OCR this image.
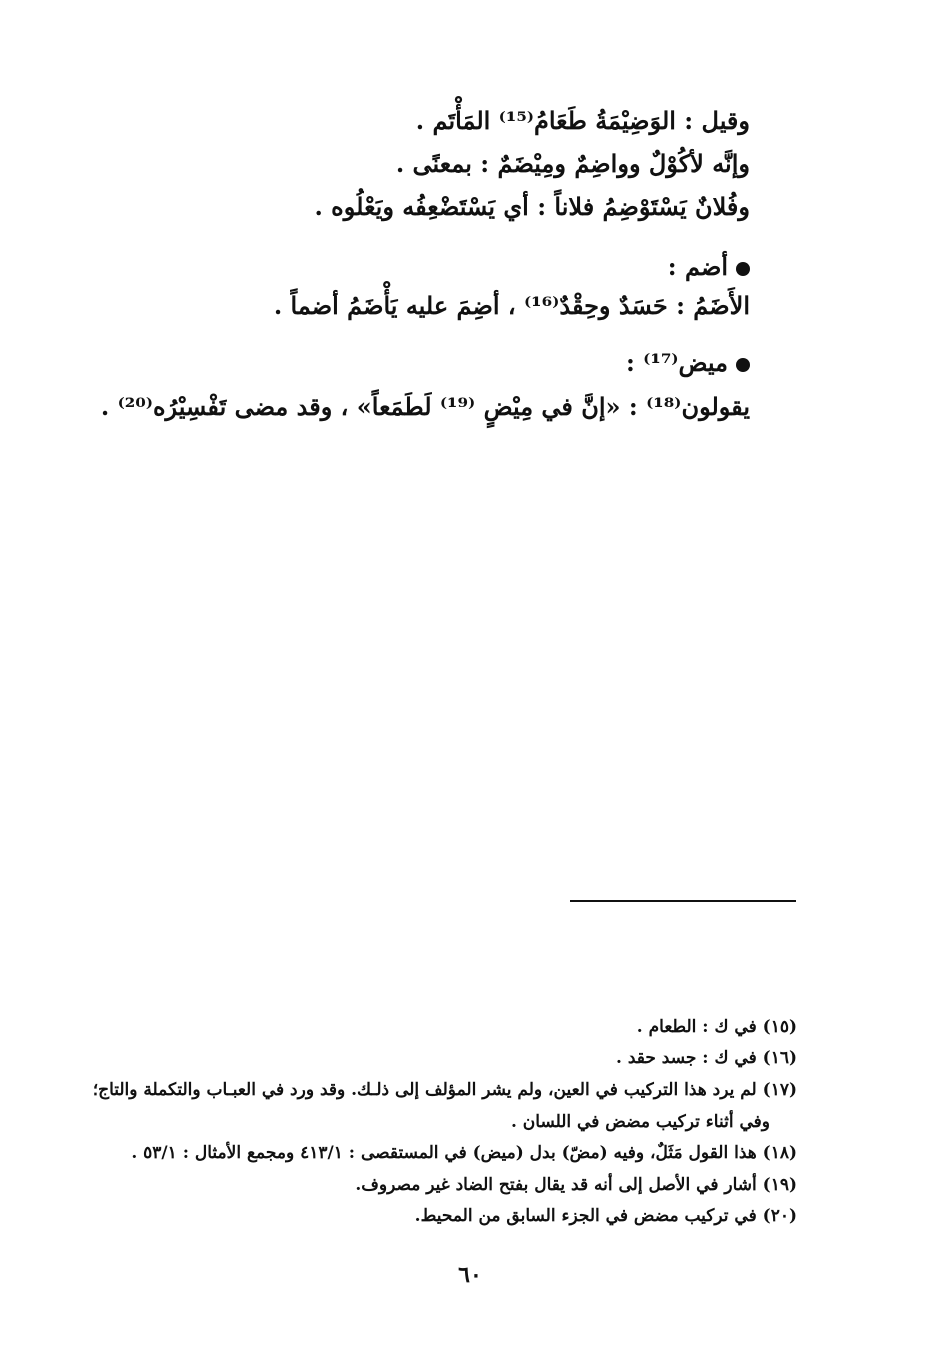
وقيل : الوَضِيْمَةُ طَعَامُ⁽¹⁵⁾ المَأْتَم .
وإنَّه لأكُوْلٌ وواضِمٌ ومِيْضَمٌ : بمعنًى .
وفُلانٌ يَسْتَوْضِمُ فلاناً : أي يَسْتَضْعِفُه ويَعْلُوه .
أضم :
الأَضَمُ : حَسَدٌ وحِقْدٌ⁽¹⁶⁾ ، أضِمَ عليه يَأْضَمُ أضماً .
ميض⁽¹⁷⁾ :
يقولون⁽¹⁸⁾ : «إنَّ في مِيْضٍ ⁽¹⁹⁾ لَطَمَعاً» ، وقد مضى تَفْسِيْرُه⁽²⁰⁾ .
(١٥) في ك : الطعام .
(١٦) في ك : جسد حقد .
(١٧) لم يرد هذا التركيب في العين، ولم يشر المؤلف إلى ذلـك. وقد ورد في العبـاب والتكملة والتاج؛
وفي أثناء تركيب مضض في اللسان .
(١٨) هذا القول مَثَلٌ، وفيه (مضّ) بدل (ميض) في المستقصى : ٤١٣/١ ومجمع الأمثال : ٥٣/١ .
(١٩) أشار في الأصل إلى أنه قد يقال بفتح الضاد غير مصروف.
(٢٠) في تركيب مضض في الجزء السابق من المحيط.
٦٠
